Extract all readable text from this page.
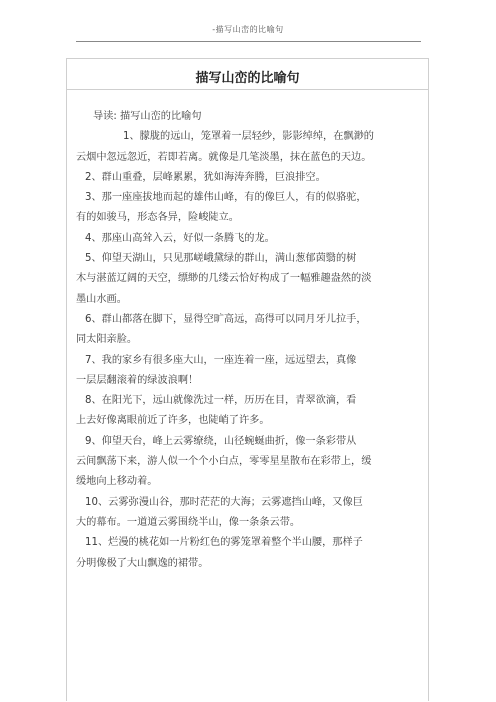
-描写山峦的比喻句
描写山峦的比喻句

导读: 描写山峦的比喻句

1、朦胧的远山，笼罩着一层轻纱，影影绰绰，在飘渺的

云烟中忽远忽近，若即若离。就像是几笔淡墨，抹在蓝色的天边。

2、群山重叠，层峰累累，犹如海涛奔腾，巨浪排空。

3、那一座座拔地而起的雄伟山峰，有的像巨人，有的似骆驼，

有的如骏马，形态各异，险峻陡立。

4、那座山高耸入云，好似一条腾飞的龙。

5、仰望天湖山，只见那嵯峨黛绿的群山，满山葱郁茵翳的树

木与湛蓝辽阔的天空，缥缈的几缕云恰好构成了一幅雅趣盎然的淡

墨山水画。

6、群山都落在脚下，显得空旷高远，高得可以同月牙儿拉手，

同太阳亲脸。

7、我的家乡有很多座大山，一座连着一座，远远望去，真像

一层层翻滚着的绿波浪啊！

8、在阳光下，远山就像洗过一样，历历在目，青翠欲滴，看

上去好像离眼前近了许多，也陡峭了许多。

9、仰望天台，峰上云雾缭绕，山径蜿蜒曲折，像一条彩带从

云间飘荡下来，游人似一个个小白点，零零星星散布在彩带上，缓

缓地向上移动着。

10、云雾弥漫山谷，那时茫茫的大海；云雾遮挡山峰，又像巨

大的幕布。一道道云雾围绕半山，像一条条云带。

11、烂漫的桃花如一片粉红色的雾笼罩着整个半山腰，那样子

分明像极了大山飘逸的裙带。
